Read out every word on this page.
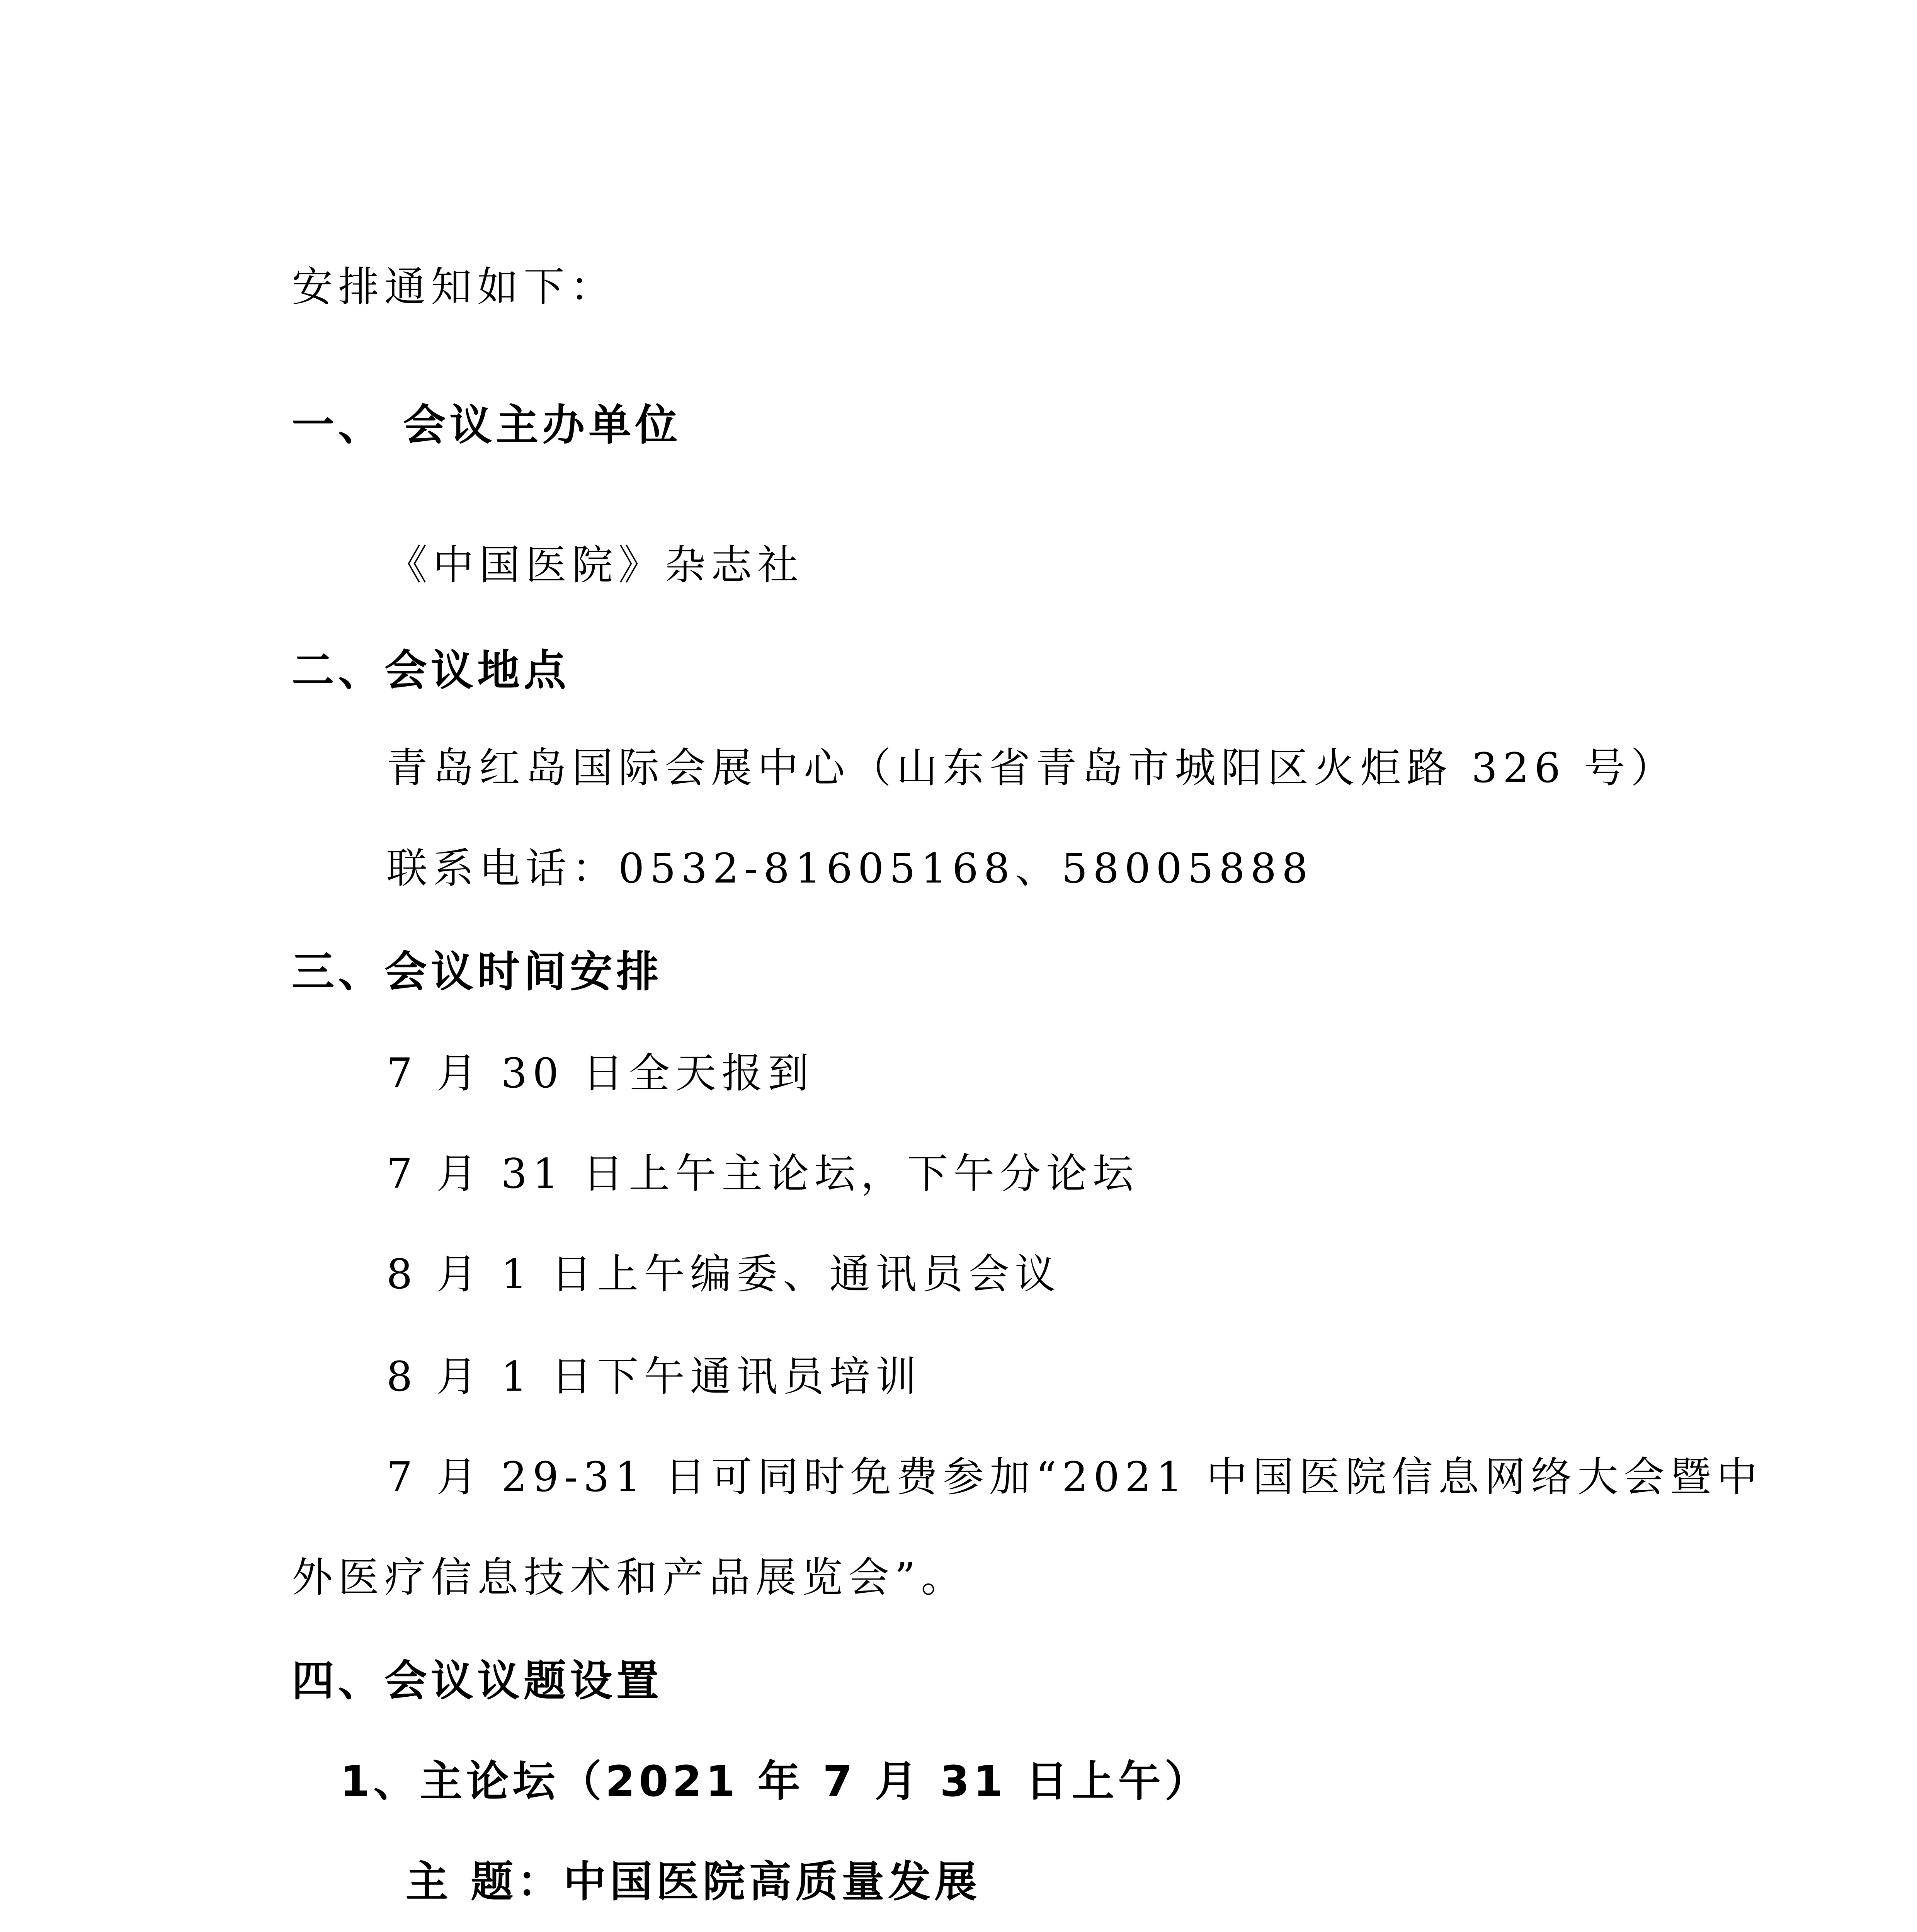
安排通知如下：
一、 会议主办单位
《中国医院》杂志社
二、会议地点
青岛红岛国际会展中心（山东省青岛市城阳区火炬路 326 号）
联系电话：0532-81605168、58005888
三、会议时间安排
7 月 30 日全天报到
7 月 31 日上午主论坛，下午分论坛
8 月 1 日上午编委、通讯员会议
8 月 1 日下午通讯员培训
7 月 29-31 日可同时免费参加“2021 中国医院信息网络大会暨中
外医疗信息技术和产品展览会”。
四、会议议题设置
1、主论坛（2021 年 7 月 31 日上午）
主 题：中国医院高质量发展
